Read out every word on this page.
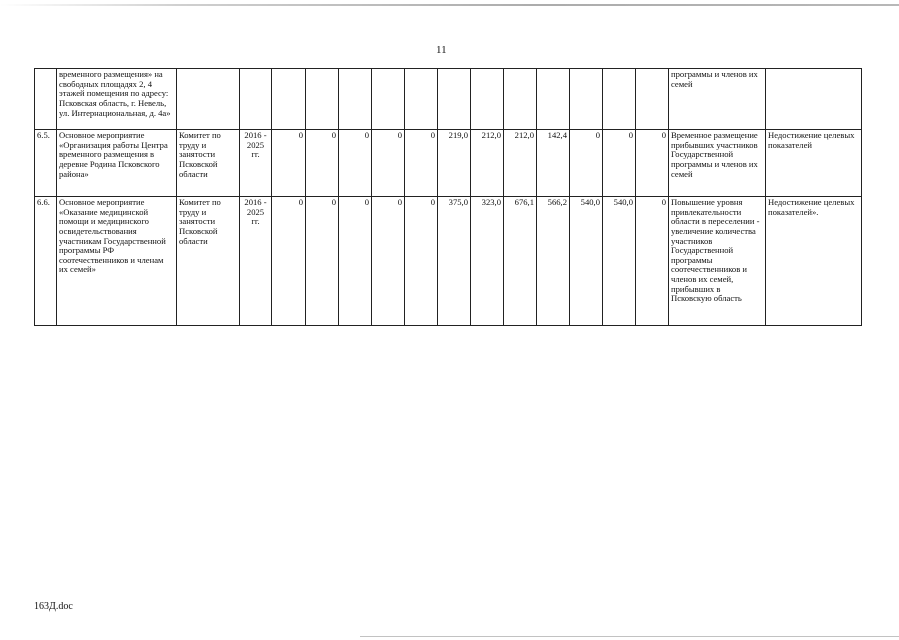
11
	временного размещения» на свободных площадях 2, 4 этажей помещения по адресу: Псковская область, г. Невель, ул. Интернациональная, д. 4а»															программы и членов их семей	
6.5.	Основное мероприятие «Организация работы Центра временного размещения в деревне Родина Псковского района»	Комитет по труду и занятости Псковской области	2016 - 2025 гг.	0	0	0	0	0	219,0	212,0	212,0	142,4	0	0	0	Временное размещение прибывших участников Государственной программы и членов их семей	Недостижение целевых показателей
6.6.	Основное мероприятие «Оказание медицинской помощи и медицинского освидетельствования участникам Государственной программы РФ соотечественников и членам их семей»	Комитет по труду и занятости Псковской области	2016 - 2025 гг.	0	0	0	0	0	375,0	323,0	676,1	566,2	540,0	540,0	0	Повышение уровня привлекательности области в переселении - увеличение количества участников Государственной программы соотечественников и членов их семей, прибывших в Псковскую область	Недостижение целевых показателей».
163Д.doc
